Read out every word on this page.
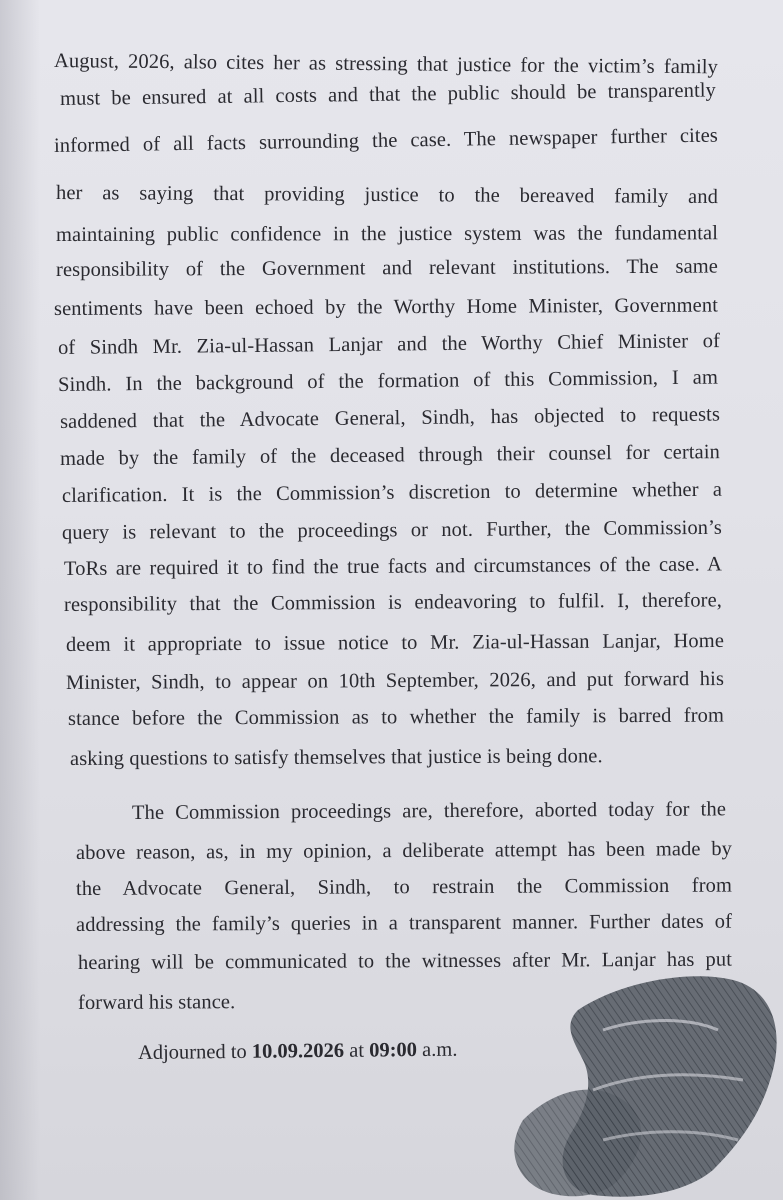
August, 2026, also cites her as stressing that justice for the victim’s family
must be ensured at all costs and that the public should be transparently
informed of all facts surrounding the case. The newspaper further cites
her as saying that providing justice to the bereaved family and
maintaining public confidence in the justice system was the fundamental
responsibility of the Government and relevant institutions. The same
sentiments have been echoed by the Worthy Home Minister, Government
of Sindh Mr. Zia-ul-Hassan Lanjar and the Worthy Chief Minister of
Sindh. In the background of the formation of this Commission, I am
saddened that the Advocate General, Sindh, has objected to requests
made by the family of the deceased through their counsel for certain
clarification. It is the Commission’s discretion to determine whether a
query is relevant to the proceedings or not. Further, the Commission’s
ToRs are required it to find the true facts and circumstances of the case. A
responsibility that the Commission is endeavoring to fulfil. I, therefore,
deem it appropriate to issue notice to Mr. Zia-ul-Hassan Lanjar, Home
Minister, Sindh, to appear on 10th September, 2026, and put forward his
stance before the Commission as to whether the family is barred from
asking questions to satisfy themselves that justice is being done.
The Commission proceedings are, therefore, aborted today for the
above reason, as, in my opinion, a deliberate attempt has been made by
the Advocate General, Sindh, to restrain the Commission from
addressing the family’s queries in a transparent manner. Further dates of
hearing will be communicated to the witnesses after Mr. Lanjar has put
forward his stance.
Adjourned to 10.09.2026 at 09:00 a.m.
